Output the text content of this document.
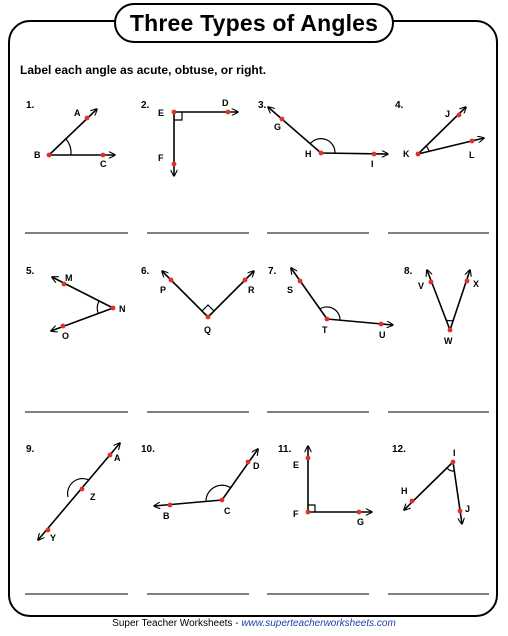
Three Types of Angles
Label each angle as acute, obtuse, or right.
1.
A
B
C
2.
E
D
F
3.
G
H
I
4.
J
K	L
5.
M
N
O
6.
P
Q
R
7.
S
T	U
8.
V	X
W
9.
A
Z
Y
10.
D
B	C
11.
E
F
G
12.	I
H
J
Super Teacher Worksheets - www.superteacherworksheets.com
